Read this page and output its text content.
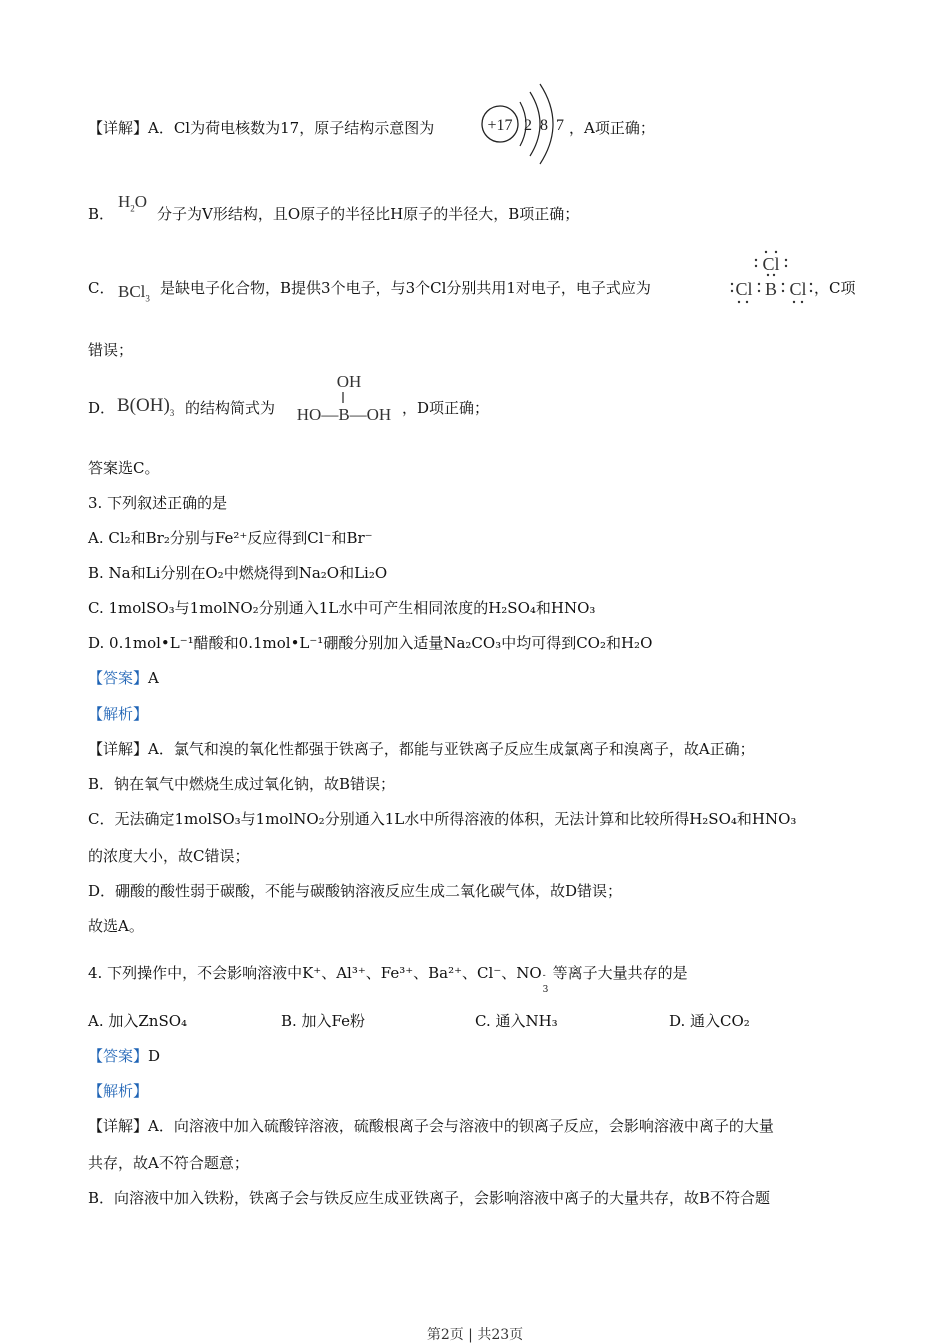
【详解】A．Cl为荷电核数为17，原子结构示意图为	+17 2 8 7 ，A项正确；
B．
$H_2O$
分子为V形结构，且O原子的半径比H原子的半径大，B项正确；
C． BCl$_3$
是缺电子化合物，B提供3个电子，与3个Cl分别共用1对电子，电子式应为
Cl
Cl B Cl ，C项
错误；
D． $B(OH)_3$ 的结构简式为
OH
HO—B—OH ，D项正确；
答案选C。
3. 下列叙述正确的是
A. Cl₂和Br₂分别与Fe²⁺反应得到Cl⁻和Br⁻
B. Na和Li分别在O₂中燃烧得到Na₂O和Li₂O
C. 1molSO₃与1molNO₂分别通入1L水中可产生相同浓度的H₂SO₄和HNO₃
D. 0.1mol•L⁻¹醋酸和0.1mol•L⁻¹硼酸分别加入适量Na₂CO₃中均可得到CO₂和H₂O
【答案】A
【解析】
【详解】A．氯气和溴的氧化性都强于铁离子，都能与亚铁离子反应生成氯离子和溴离子，故A正确；
B．钠在氧气中燃烧生成过氧化钠，故B错误；
C．无法确定1molSO₃与1molNO₂分别通入1L水中所得溶液的体积，无法计算和比较所得H₂SO₄和HNO₃
的浓度大小，故C错误；
D．硼酸的酸性弱于碳酸，不能与碳酸钠溶液反应生成二氧化碳气体，故D错误；
故选A。
4. 下列操作中，不会影响溶液中K⁺、Al³⁺、Fe³⁺、Ba²⁺、Cl⁻、NO -
3
等离子大量共存的是
A. 加入ZnSO₄	B. 加入Fe粉	C. 通入NH₃	D. 通入CO₂
【答案】D
【解析】
【详解】A．向溶液中加入硫酸锌溶液，硫酸根离子会与溶液中的钡离子反应，会影响溶液中离子的大量
共存，故A不符合题意；
B．向溶液中加入铁粉，铁离子会与铁反应生成亚铁离子，会影响溶液中离子的大量共存，故B不符合题
第2页 | 共23页
